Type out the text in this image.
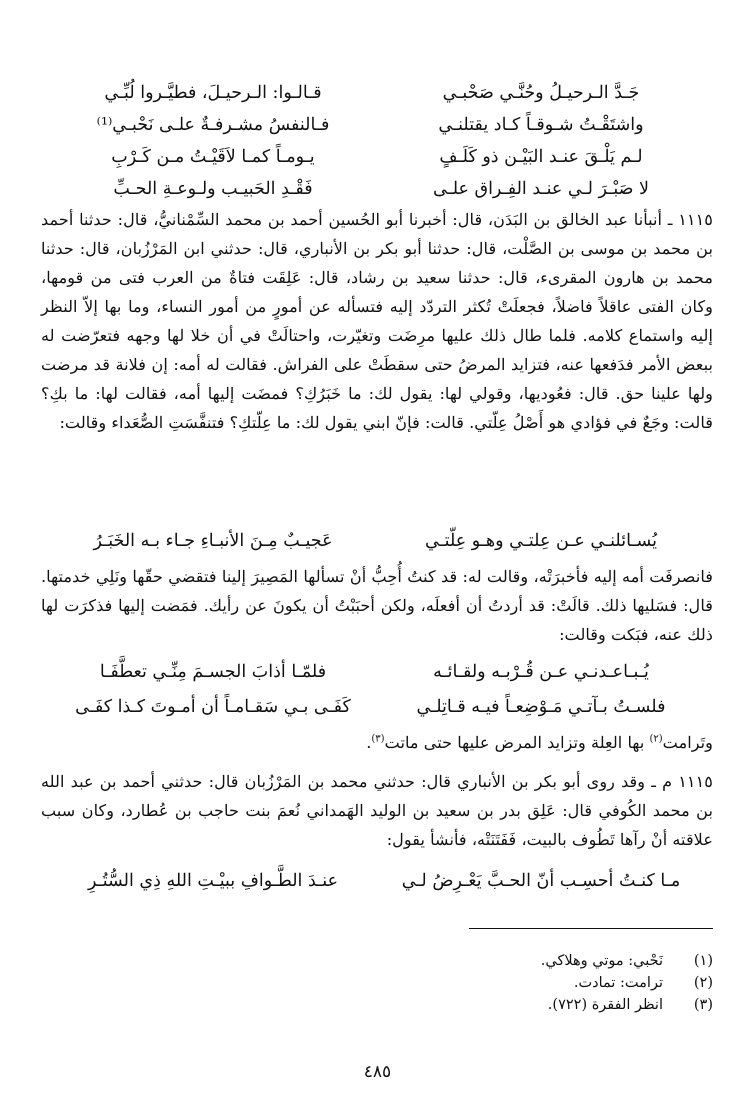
جَـدَّ الـرحيـلُ وحُنَّـي صَحْبـي
قـالـوا: الـرحيـلَ، فطيَّـروا لُبِّـي
واشتَقْـتُ شـوقـاً كـاد يقتلنـي
فـالنفسُ مشـرفـةٌ علـى نَحْبـي⁽¹⁾
لـم يَلْـقَ عنـد البَيْـن ذو كَلَـفٍ
يـومـاً كمـا لاَقَيْـتُ مـن كَـرْبِ
لا صَبْـرَ لـي عنـد الفِـراق علـى
فَقْـدِ الحَبيـب ولـوعـةِ الحـبِّ
١١١٥ ـ أنبأنا عبد الخالق بن البَدَن، قال: أخبرنا أبو الحُسين أحمد بن محمد السِّمْنانيُّ، قال: حدثنا أحمد بن محمد بن موسى بن الصَّلْت، قال: حدثنا أبو بكر بن الأنباري، قال: حدثني ابن المَرْزُبان، قال: حدثنا محمد بن هارون المقرىء، قال: حدثنا سعيد بن رشاد، قال: عَلِقَت فتاةٌ من العرب فتى من قومها، وكان الفتى عاقلاً فاضلاً، فجعلَتْ تُكثر التردّد إليه فتسأله عن أمورٍ من أمور النساء، وما بها إلاّ النظر إليه واستماع كلامه. فلما طال ذلك عليها مرِضَت وتغيّرت، واحتالَتْ في أن خلا لها وجهه فتعرّضت له ببعض الأمر فدَفعها عنه، فتزايد المرضُ حتى سقطَتْ على الفراش. فقالت له أمه: إن فلانة قد مرضت ولها علينا حق. قال: فعُوديها، وقولي لها: يقول لك: ما خَبَرُكِ؟ فمضَت إليها أمه، فقالت لها: ما بكِ؟ قالت: وجَعٌ في فؤادي هو أَصْلُ عِلّتي. قالت: فإنّ ابني يقول لك: ما عِلّتكِ؟ فتنفَّسَتِ الصُّعَداء وقالت:
يُسـائلنـي عـن عِلتـي وهـو عِلّتـي
عَجيـبٌ مِـنَ الأنبـاءِ جـاء بـه الخَبَـرُ
فانصرفَت أمه إليه فأخبرَتْه، وقالت له: قد كنتُ أُحِبُّ أنْ تسألها المَصِيرَ إلينا فتقضي حقّها ونَلِي خدمتها. قال: فسَليها ذلك. قالَتْ: قد أردتُ أن أفعلَه، ولكن أحبَبْتُ أن يكونَ عن رأيك. فمَضت إليها فذكرَت لها ذلك عنه، فبَكت وقالت:
يُـبـاعـدنـي عـن قُـرْبـه ولقـائـه
فلمّـا أذابَ الجسـمَ مِنِّـي تعطَّفَـا
فلسـتُ بـآتـي مَـوْضِعـاً فيـه قـاتِلـي
كَفَـى بـي سَقـامـاً أن أمـوتَ كـذا كفَـى
وتَرامت$^{(٢)}$ بها العِلة وتزايد المرض عليها حتى ماتت$^{(٣)}$.
١١١٥ م ـ وقد روى أبو بكر بن الأنباري قال: حدثني محمد بن المَرْزُبان قال: حدثني أحمد بن عبد الله بن محمد الكُوفي قال: عَلِق بدر بن سعيد بن الوليد الهَمداني نُعمَ بنت حاجب بن عُطارد، وكان سبب علاقته أنْ رآها تَطُوف بالبيت، فَفَتَنَتْه، فأنشأ يقول:
مـا كنـتُ أحسِـب أنّ الحـبَّ يَعْـرِضُ لـي
عنـدَ الطَّـوافِ ببيْـتِ اللهِ ذِي السُّتُـرِ
(١)نَحْبي: موتي وهلاكي.
(٢)ترامت: تمادت.
(٣)انظر الفقرة (٧٢٢).
٤٨٥
